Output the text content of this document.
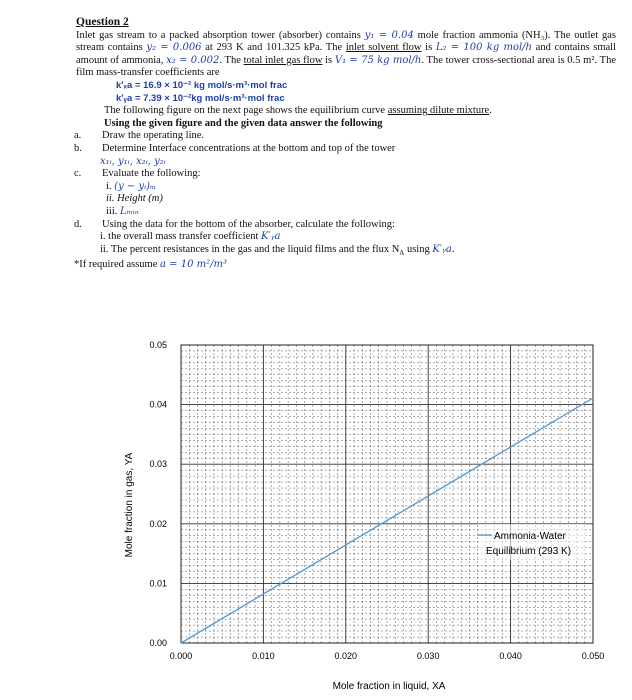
Question 2
Inlet gas stream to a packed absorption tower (absorber) contains y₁ = 0.04 mole fraction ammonia (NH₃). The outlet gas stream contains y₂ = 0.006 at 293 K and 101.325 kPa. The inlet solvent flow is L₂ = 100 kg mol/h and contains small amount of ammonia, x₂ = 0.002. The total inlet gas flow is V₁ = 75 kg mol/h. The tower cross-sectional area is 0.5 m². The film mass-transfer coefficients are
k′ₓa = 16.9 × 10⁻² kg mol/s·m³·mol frac
k′ᵧa = 7.39 × 10⁻²kg mol/s·m³·mol frac
The following figure on the next page shows the equilibrium curve assuming dilute mixture.
Using the given figure and the given data answer the following
a.	Draw the operating line.
b.	Determine Interface concentrations at the bottom and top of the tower
x₁ᵢ, y₁ᵢ, x₂ᵢ, y₂ᵢ
c.	Evaluate the following:
i. (y − yᵢ)ₘ
ii. Height (m)
iii. Lₘᵢₙ
d.	Using the data for the bottom of the absorber, calculate the following:
i. the overall mass transfer coefficient K′ᵧa
ii. The percent resistances in the gas and the liquid films and the flux $N_A$ using K′ᵧa.
*If required assume a = 10 m²/m³
0.000	0.010	0.020	0.030	0.040	0.050
0.00
0.01
0.02
0.03
0.04
0.05
Mole fraction in liquid, XA
Mole fraction in gas, YA	Ammonia-Water
Equilibrium (293 K)
